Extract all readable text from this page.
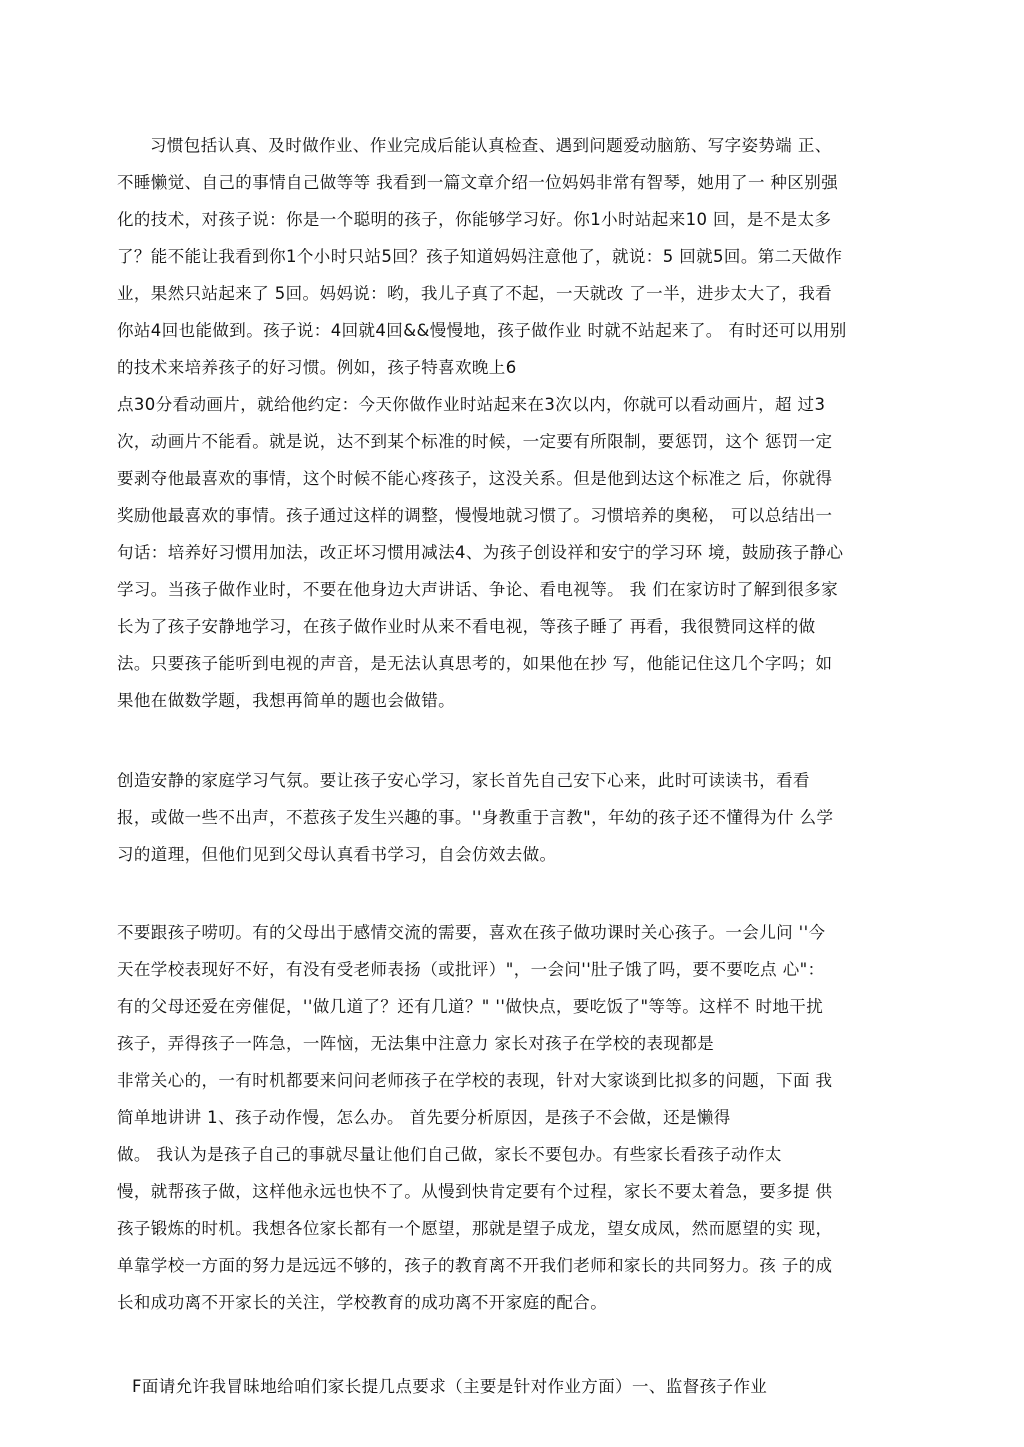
习惯包括认真、及时做作业、作业完成后能认真检查、遇到问题爱动脑筋、写字姿势端 正、
不睡懒觉、自己的事情自己做等等 我看到一篇文章介绍一位妈妈非常有智琴，她用了一 种区别强
化的技术，对孩子说：你是一个聪明的孩子，你能够学习好。你1小时站起来10 回，是不是太多
了？能不能让我看到你1个小时只站5回？孩子知道妈妈注意他了，就说：5 回就5回。第二天做作
业，果然只站起来了 5回。妈妈说：哟，我儿子真了不起，一天就改 了一半，进步太大了，我看
你站4回也能做到。孩子说：4回就4回&&慢慢地，孩子做作业 时就不站起来了。 有时还可以用别
的技术来培养孩子的好习惯。例如，孩子特喜欢晚上6
点30分看动画片，就给他约定：今天你做作业时站起来在3次以内，你就可以看动画片，超 过3
次，动画片不能看。就是说，达不到某个标准的时候，一定要有所限制，要惩罚，这个 惩罚一定
要剥夺他最喜欢的事情，这个时候不能心疼孩子，这没关系。但是他到达这个标准之 后，你就得
奖励他最喜欢的事情。孩子通过这样的调整，慢慢地就习惯了。习惯培养的奥秘， 可以总结出一
句话：培养好习惯用加法，改正坏习惯用减法4、为孩子创设祥和安宁的学习环 境，鼓励孩子静心
学习。当孩子做作业时，不要在他身边大声讲话、争论、看电视等。 我 们在家访时了解到很多家
长为了孩子安静地学习，在孩子做作业时从来不看电视，等孩子睡了 再看，我很赞同这样的做
法。只要孩子能听到电视的声音，是无法认真思考的，如果他在抄 写，他能记住这几个字吗；如
果他在做数学题，我想再简单的题也会做错。
创造安静的家庭学习气氛。要让孩子安心学习，家长首先自己安下心来，此时可读读书，看看
报，或做一些不出声，不惹孩子发生兴趣的事。''身教重于言教"，年幼的孩子还不懂得为什 么学
习的道理，但他们见到父母认真看书学习，自会仿效去做。
不要跟孩子唠叨。有的父母出于感情交流的需要，喜欢在孩子做功课时关心孩子。一会儿问 ''今
天在学校表现好不好，有没有受老师表扬（或批评）"，一会问''肚子饿了吗，要不要吃点 心"：
有的父母还爱在旁催促，''做几道了？还有几道？" ''做快点，要吃饭了"等等。这样不 时地干扰
孩子，弄得孩子一阵急，一阵恼，无法集中注意力 家长对孩子在学校的表现都是
非常关心的，一有时机都要来问问老师孩子在学校的表现，针对大家谈到比拟多的问题，下面 我
简单地讲讲 1、孩子动作慢，怎么办。 首先要分析原因，是孩子不会做，还是懒得
做。 我认为是孩子自己的事就尽量让他们自己做，家长不要包办。有些家长看孩子动作太
慢，就帮孩子做，这样他永远也快不了。从慢到快肯定要有个过程，家长不要太着急，要多提 供
孩子锻炼的时机。我想各位家长都有一个愿望，那就是望子成龙，望女成凤，然而愿望的实 现，
单靠学校一方面的努力是远远不够的，孩子的教育离不开我们老师和家长的共同努力。孩 子的成
长和成功离不开家长的关注，学校教育的成功离不开家庭的配合。
F面请允许我冒昧地给咱们家长提几点要求（主要是针对作业方面）一、监督孩子作业
